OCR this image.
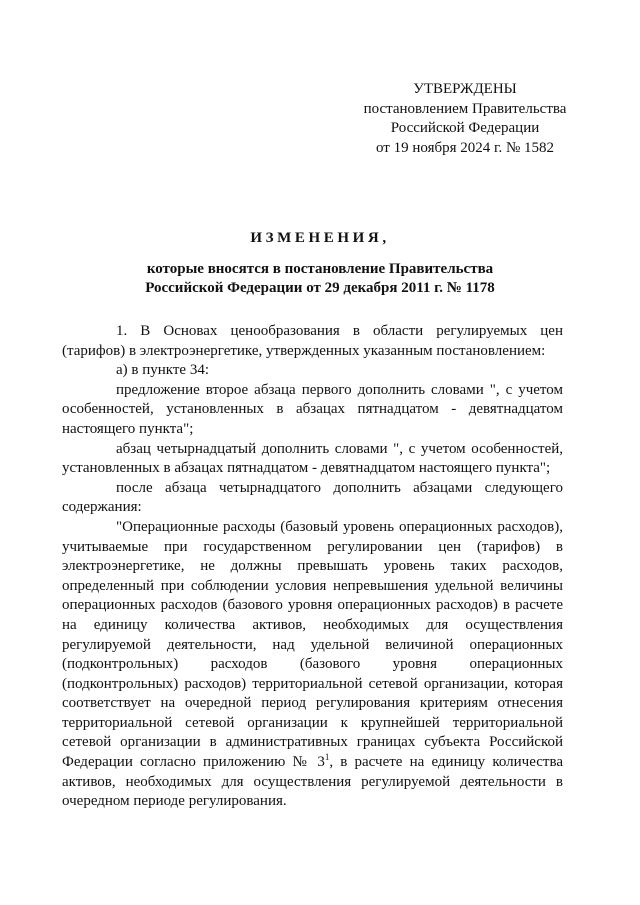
УТВЕРЖДЕНЫ
постановлением Правительства
Российской Федерации
от 19 ноября 2024 г. № 1582
ИЗМЕНЕНИЯ,
которые вносятся в постановление Правительства
Российской Федерации от 29 декабря 2011 г. № 1178

1. В Основах ценообразования в области регулируемых цен (тарифов) в электроэнергетике, утвержденных указанным постановлением:

а) в пункте 34:

предложение второе абзаца первого дополнить словами ", с учетом особенностей, установленных в абзацах пятнадцатом - девятнадцатом настоящего пункта";

абзац четырнадцатый дополнить словами ", с учетом особенностей, установленных в абзацах пятнадцатом - девятнадцатом настоящего пункта";

после абзаца четырнадцатого дополнить абзацами следующего содержания:

"Операционные расходы (базовый уровень операционных расходов), учитываемые при государственном регулировании цен (тарифов) в электроэнергетике, не должны превышать уровень таких расходов, определенный при соблюдении условия непревышения удельной величины операционных расходов (базового уровня операционных расходов) в расчете на единицу количества активов, необходимых для осуществления регулируемой деятельности, над удельной величиной операционных (подконтрольных) расходов (базового уровня операционных (подконтрольных) расходов) территориальной сетевой организации, которая соответствует на очередной период регулирования критериям отнесения территориальной сетевой организации к крупнейшей территориальной сетевой организации в административных границах субъекта Российской Федерации согласно приложению № $3^1$, в расчете на единицу количества активов, необходимых для осуществления регулируемой деятельности в очередном периоде регулирования.
